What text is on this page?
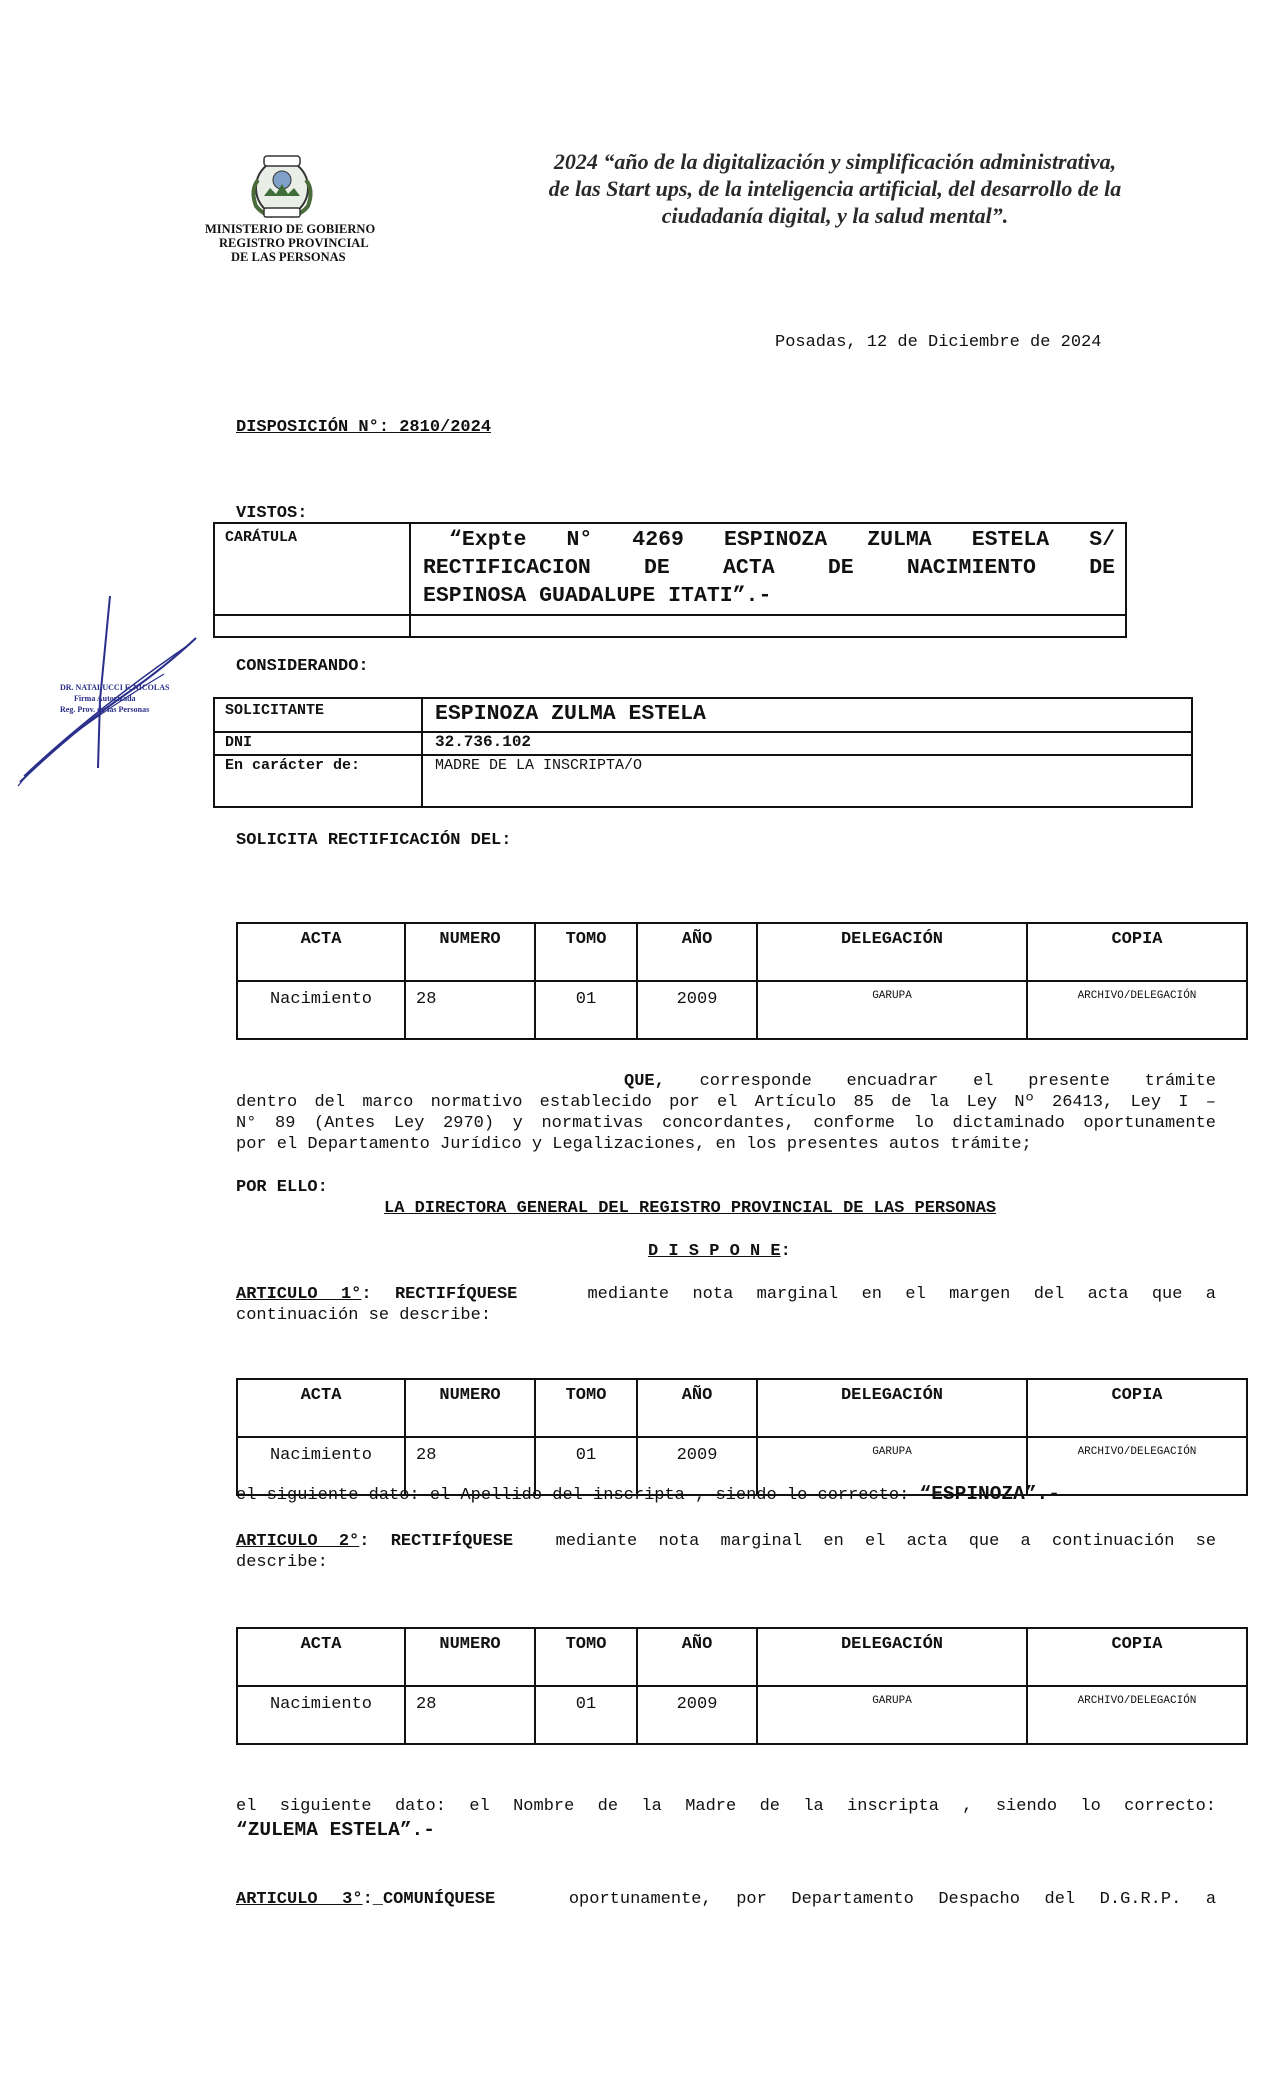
MINISTERIO DE GOBIERNO
REGISTRO PROVINCIAL
DE LAS PERSONAS
2024 “año de la digitalización y simplificación administrativa,
de las Start ups, de la inteligencia artificial, del desarrollo de la
ciudadanía digital, y la salud mental”.
Posadas, 12 de Diciembre de 2024
DISPOSICIÓN N°: 2810/2024
VISTOS:
CARÁTULA	“Expte N° 4269 ESPINOZA ZULMA ESTELA S/
RECTIFICACION DE ACTA DE NACIMIENTO DE
ESPINOSA GUADALUPE ITATI”.-

CONSIDERANDO:
DR. NATALUCCI F. NICOLAS
Firma Autorizada
Reg. Prov. de las Personas	SOLICITANTE	ESPINOZA ZULMA ESTELA
DNI	32.736.102
En carácter de:	MADRE DE LA INSCRIPTA/O
SOLICITA RECTIFICACIÓN DEL:
ACTA	NUMERO	TOMO	AÑO	DELEGACIÓN	COPIA
Nacimiento	28	01	2009	GARUPA	ARCHIVO/DELEGACIÓN
QUE, corresponde encuadrar el presente trámite
dentro del marco normativo establecido por el Artículo 85 de la Ley Nº 26413, Ley I –
N° 89 (Antes Ley 2970) y normativas concordantes, conforme lo dictaminado oportunamente
por el Departamento Jurídico y Legalizaciones, en los presentes autos trámite;
POR ELLO:
LA DIRECTORA GENERAL DEL REGISTRO PROVINCIAL DE LAS PERSONAS
D I S P O N E:
ARTICULO 1°: RECTIFÍQUESE	mediante nota marginal en el margen del acta que a
continuación se describe:
ACTA	NUMERO	TOMO	AÑO	DELEGACIÓN	COPIA
Nacimiento	28	01	2009	GARUPA	ARCHIVO/DELEGACIÓN
el siguiente dato: el Apellido del inscripta , siendo lo correcto: “ESPINOZA”.-
ARTICULO 2°: RECTIFÍQUESE mediante nota marginal en el acta que a continuación se
describe:
ACTA	NUMERO	TOMO	AÑO	DELEGACIÓN	COPIA
Nacimiento	28	01	2009	GARUPA	ARCHIVO/DELEGACIÓN
el siguiente dato: el Nombre de la Madre de la inscripta , siendo lo correcto:
“ZULEMA ESTELA”.-
ARTICULO 3°:_COMUNÍQUESE	oportunamente, por Departamento Despacho del D.G.R.P. a
